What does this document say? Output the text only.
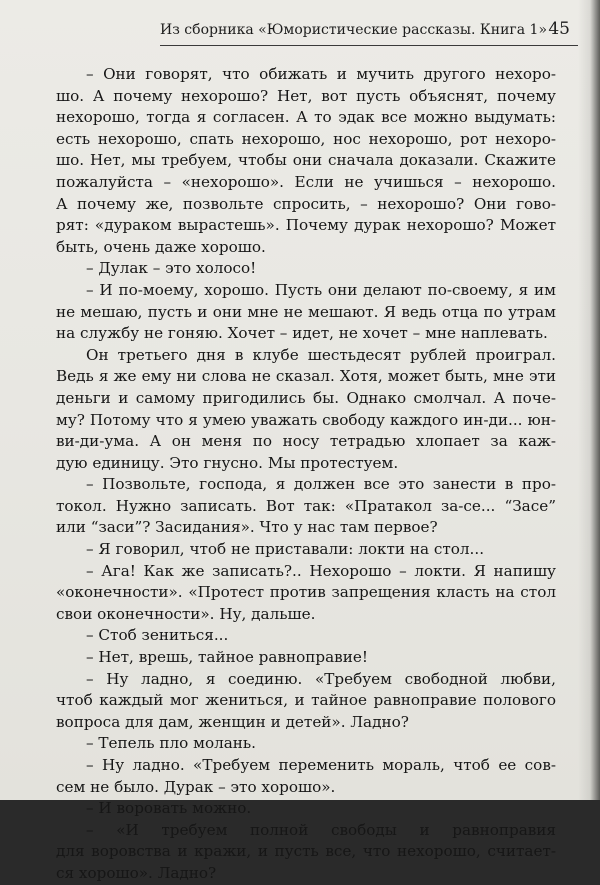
Из сборника «Юмористические рассказы. Книга 1» 45
– Они говорят, что обижать и мучить другого нехоро-
шо. А почему нехорошо? Нет, вот пусть объяснят, почему
нехорошо, тогда я согласен. А то эдак все можно выдумать:
есть нехорошо, спать нехорошо, нос нехорошо, рот нехоро-
шо. Нет, мы требуем, чтобы они сначала доказали. Скажите
пожалуйста – «нехорошо». Если не учишься – нехорошо.
А почему же, позвольте спросить, – нехорошо? Они гово-
рят: «дураком вырастешь». Почему дурак нехорошо? Может
быть, очень даже хорошо.
– Дулак – это холосо!
– И по-моему, хорошо. Пусть они делают по-своему, я им
не мешаю, пусть и они мне не мешают. Я ведь отца по утрам
на службу не гоняю. Хочет – идет, не хочет – мне наплевать.
Он третьего дня в клубе шестьдесят рублей проиграл.
Ведь я же ему ни слова не сказал. Хотя, может быть, мне эти
деньги и самому пригодились бы. Однако смолчал. А поче-
му? Потому что я умею уважать свободу каждого ин-ди... юн-
ви-ди-ума. А он меня по носу тетрадью хлопает за каж-
дую единицу. Это гнусно. Мы протестуем.
– Позвольте, господа, я должен все это занести в про-
токол. Нужно записать. Вот так: «Пратакол за-се... “Засе”
или “заси”? Засидания». Что у нас там первое?
– Я говорил, чтоб не приставали: локти на стол...
– Ага! Как же записать?.. Нехорошо – локти. Я напишу
«оконечности». «Протест против запрещения класть на стол
свои оконечности». Ну, дальше.
– Стоб зениться...
– Нет, врешь, тайное равноправие!
– Ну ладно, я соединю. «Требуем свободной любви,
чтоб каждый мог жениться, и тайное равноправие полового
вопроса для дам, женщин и детей». Ладно?
– Тепель пло молань.
– Ну ладно. «Требуем переменить мораль, чтоб ее сов-
сем не было. Дурак – это хорошо».
– И воровать можно.
– «И требуем полной свободы и равноправия
для воровства и кражи, и пусть все, что нехорошо, считает-
ся хорошо». Ладно?
